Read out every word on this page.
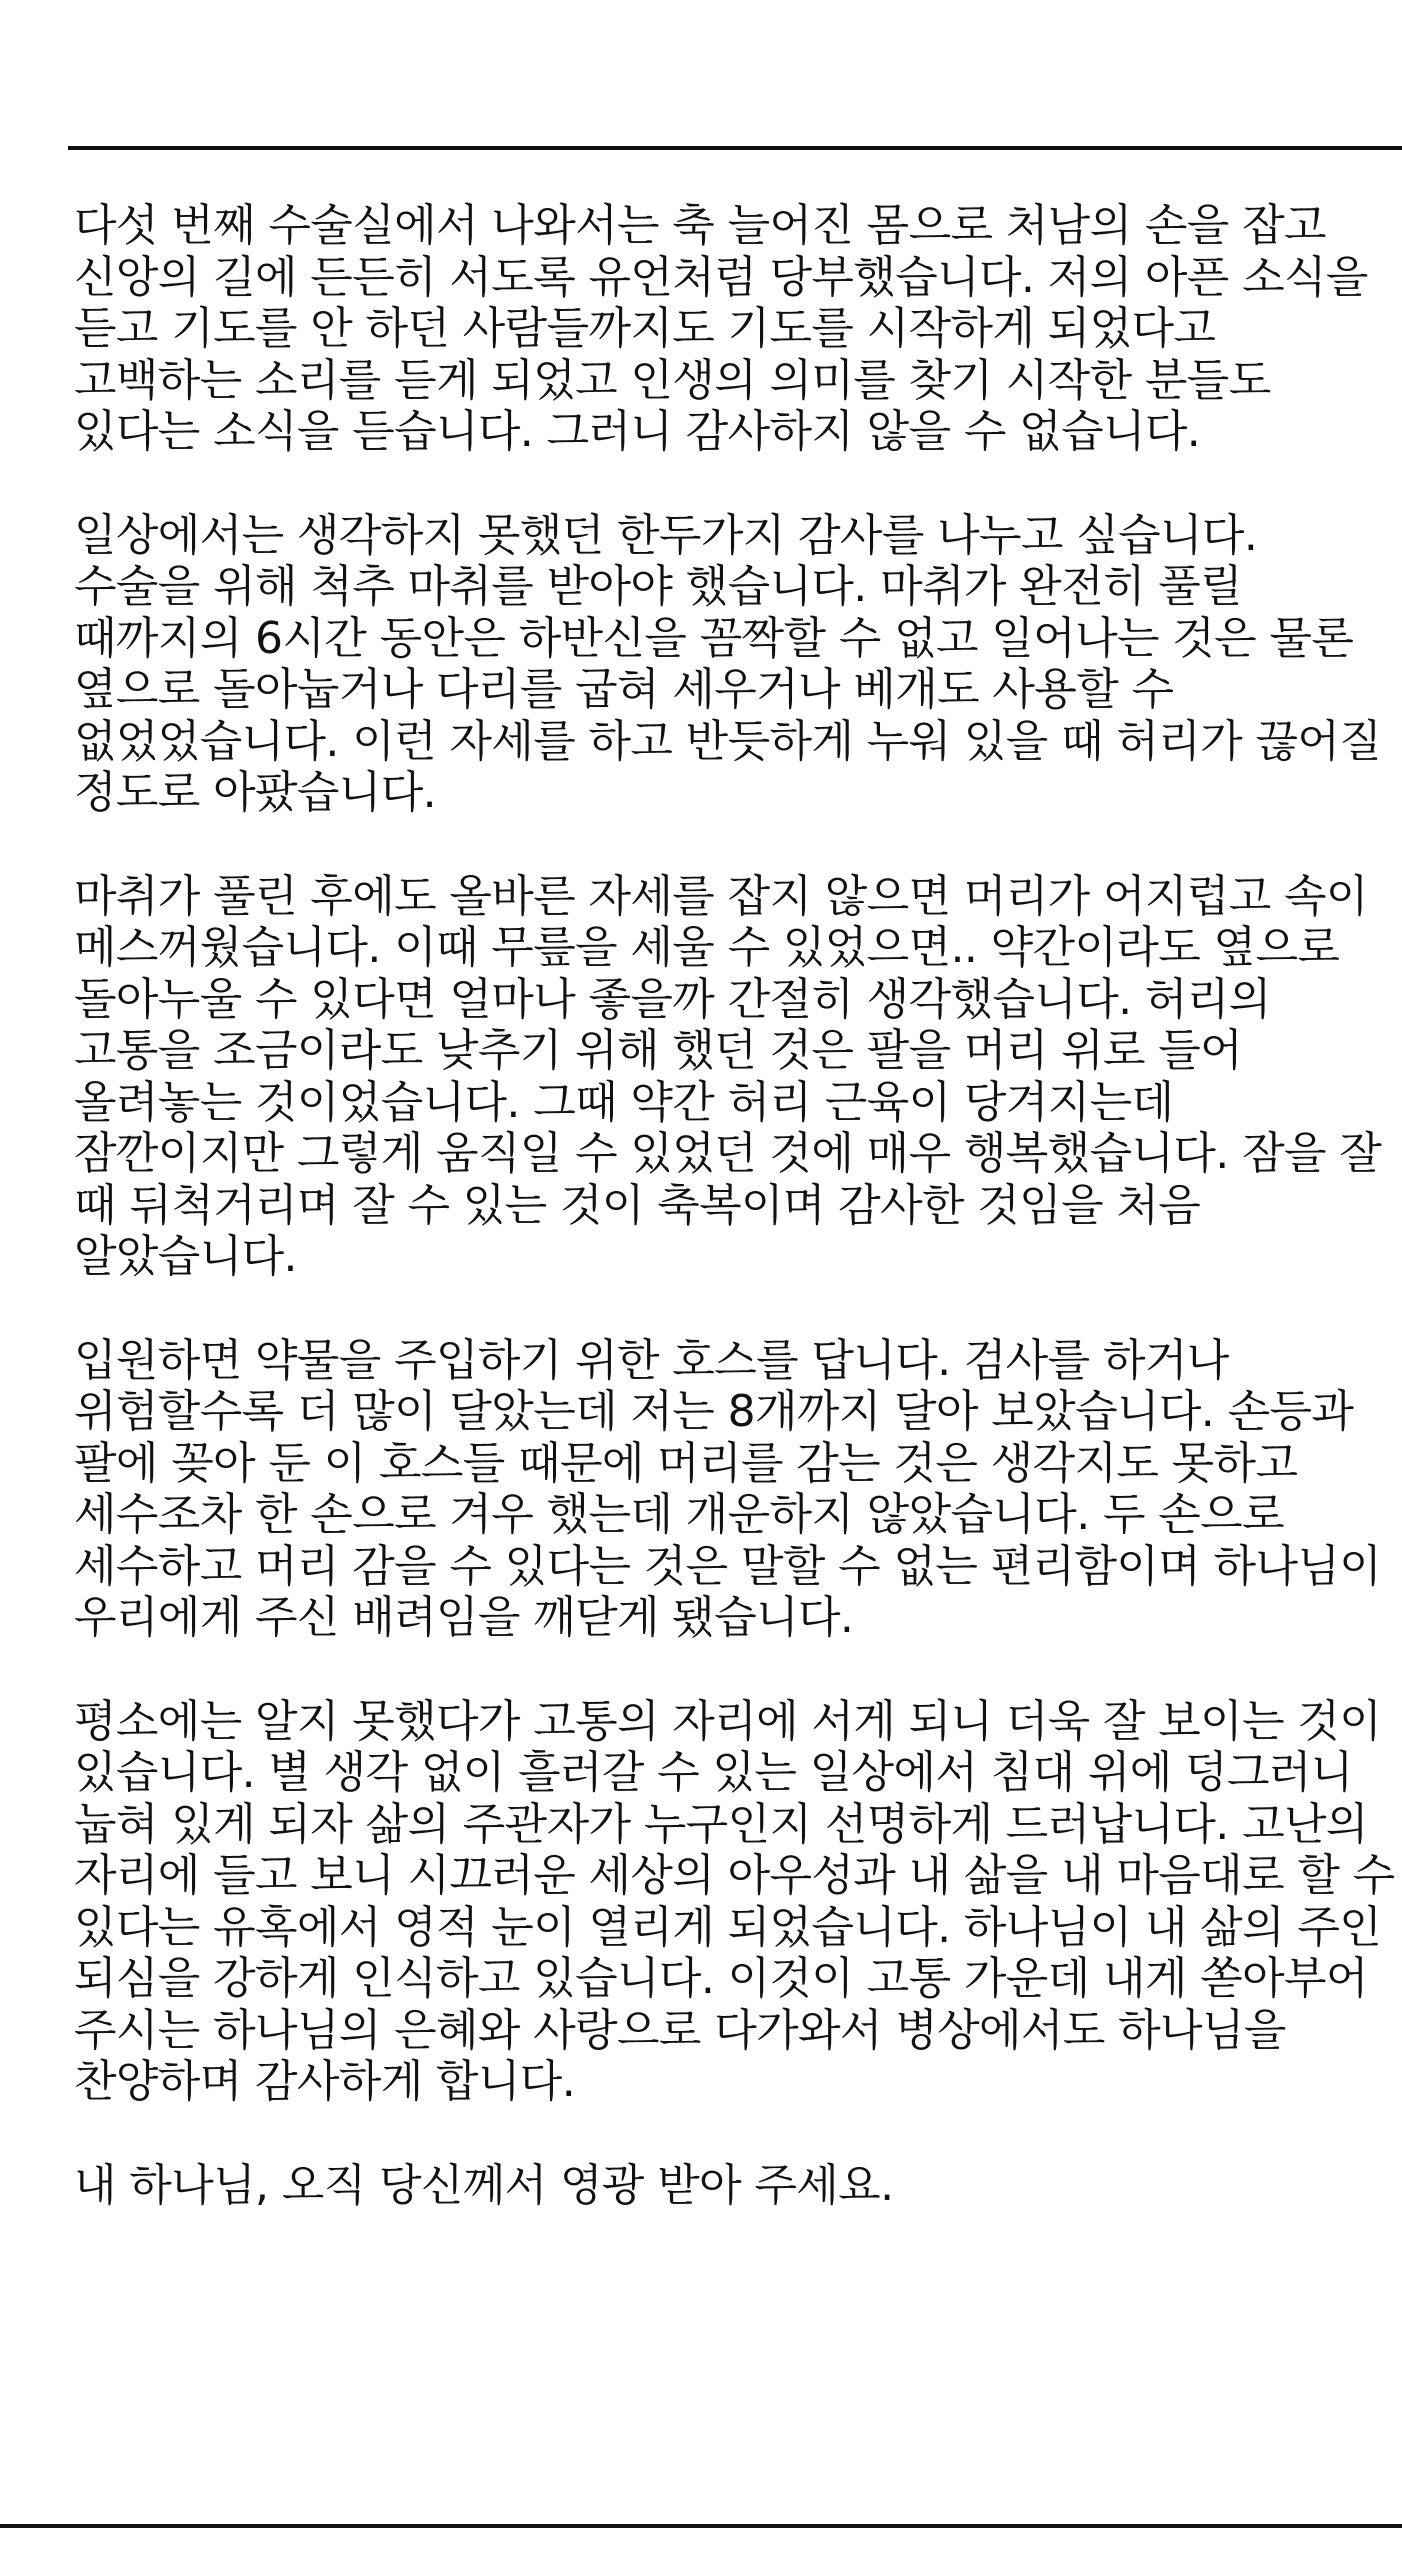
다섯 번째 수술실에서 나와서는 축 늘어진 몸으로 처남의 손을 잡고 신앙의 길에 든든히 서도록 유언처럼 당부했습니다. 저의 아픈 소식을 듣고 기도를 안 하던 사람들까지도 기도를 시작하게 되었다고 고백하는 소리를 듣게 되었고 인생의 의미를 찾기 시작한 분들도 있다는 소식을 듣습니다. 그러니 감사하지 않을 수 없습니다.

일상에서는 생각하지 못했던 한두가지 감사를 나누고 싶습니다. 수술을 위해 척추 마취를 받아야 했습니다. 마취가 완전히 풀릴 때까지의 6시간 동안은 하반신을 꼼짝할 수 없고 일어나는 것은 물론 옆으로 돌아눕거나 다리를 굽혀 세우거나 베개도 사용할 수 없었었습니다. 이런 자세를 하고 반듯하게 누워 있을 때 허리가 끊어질 정도로 아팠습니다.

마취가 풀린 후에도 올바른 자세를 잡지 않으면 머리가 어지럽고 속이 메스꺼웠습니다. 이때 무릎을 세울 수 있었으면.. 약간이라도 옆으로 돌아누울 수 있다면 얼마나 좋을까 간절히 생각했습니다. 허리의 고통을 조금이라도 낮추기 위해 했던 것은 팔을 머리 위로 들어 올려놓는 것이었습니다. 그때 약간 허리 근육이 당겨지는데 잠깐이지만 그렇게 움직일 수 있었던 것에 매우 행복했습니다. 잠을 잘 때 뒤척거리며 잘 수 있는 것이 축복이며 감사한 것임을 처음 알았습니다.

입원하면 약물을 주입하기 위한 호스를 답니다. 검사를 하거나 위험할수록 더 많이 달았는데 저는 8개까지 달아 보았습니다. 손등과 팔에 꽂아 둔 이 호스들 때문에 머리를 감는 것은 생각지도 못하고 세수조차 한 손으로 겨우 했는데 개운하지 않았습니다. 두 손으로 세수하고 머리 감을 수 있다는 것은 말할 수 없는 편리함이며 하나님이 우리에게 주신 배려임을 깨닫게 됐습니다.

평소에는 알지 못했다가 고통의 자리에 서게 되니 더욱 잘 보이는 것이 있습니다. 별 생각 없이 흘러갈 수 있는 일상에서 침대 위에 덩그러니 눕혀 있게 되자 삶의 주관자가 누구인지 선명하게 드러납니다. 고난의 자리에 들고 보니 시끄러운 세상의 아우성과 내 삶을 내 마음대로 할 수 있다는 유혹에서 영적 눈이 열리게 되었습니다. 하나님이 내 삶의 주인 되심을 강하게 인식하고 있습니다. 이것이 고통 가운데 내게 쏟아부어 주시는 하나님의 은혜와 사랑으로 다가와서 병상에서도 하나님을 찬양하며 감사하게 합니다.

내 하나님, 오직 당신께서 영광 받아 주세요.
